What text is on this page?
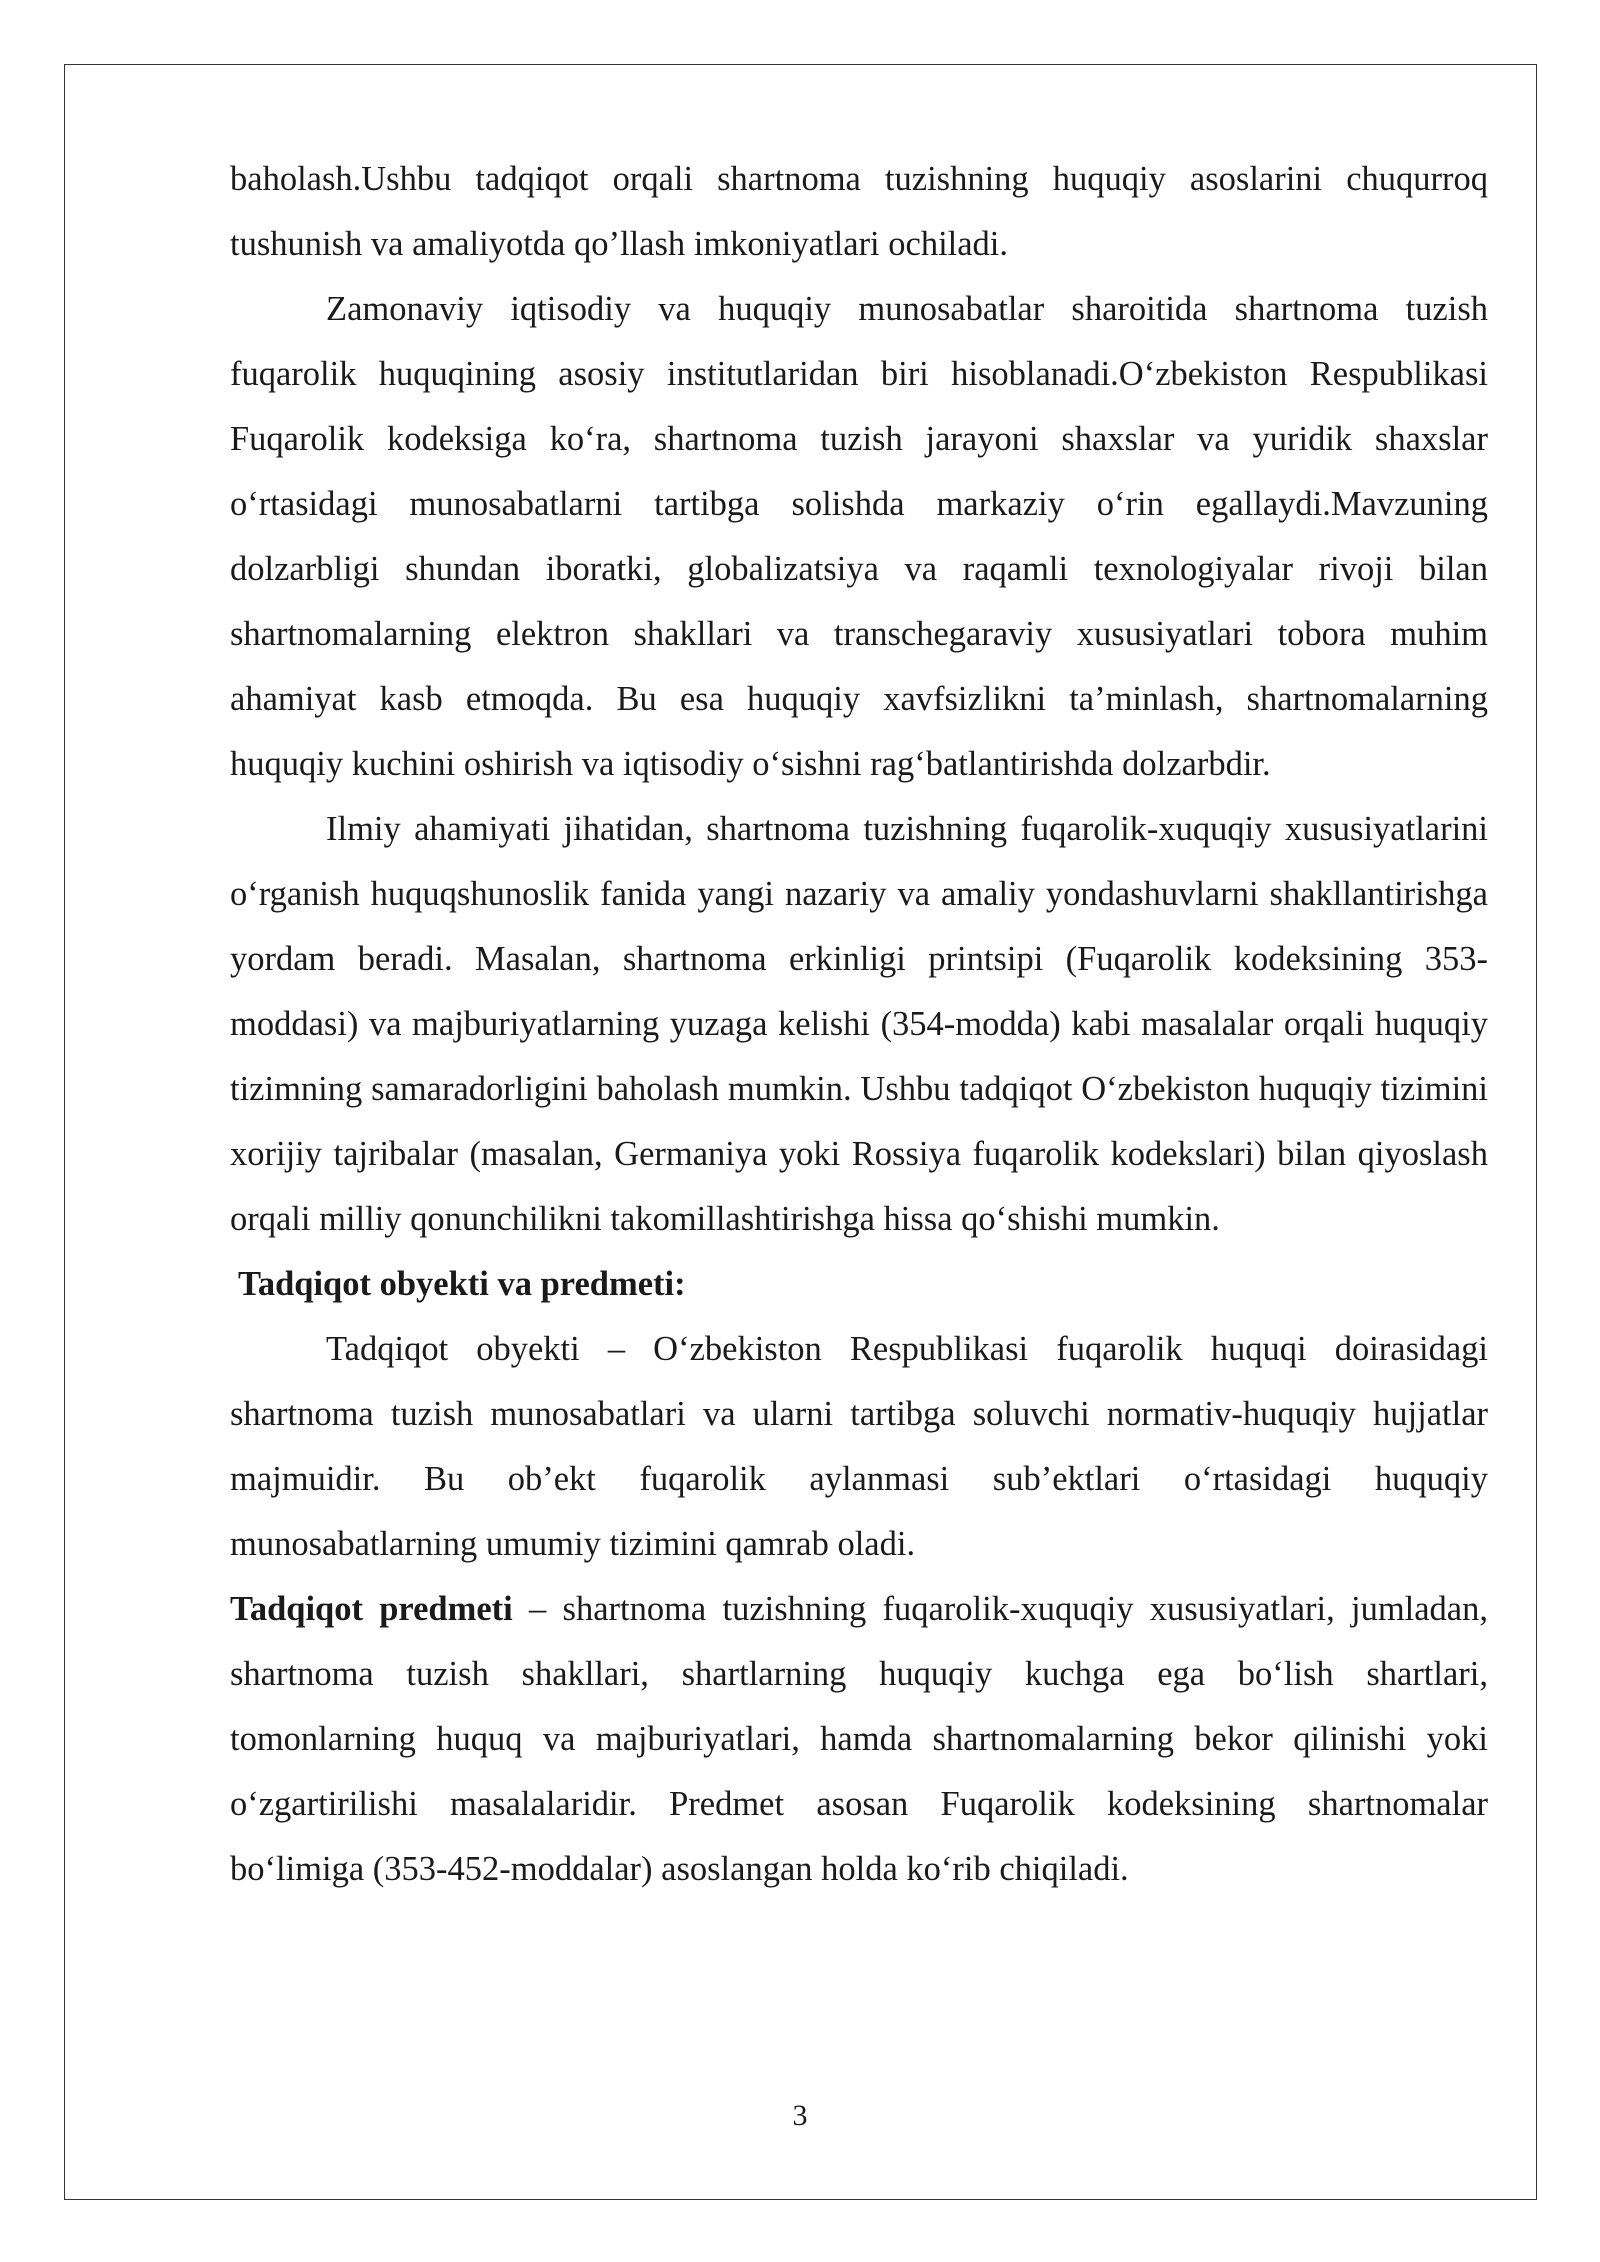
baholash.Ushbu tadqiqot orqali shartnoma tuzishning huquqiy asoslarini chuqurroq tushunish va amaliyotda qo’llash imkoniyatlari ochiladi.

Zamonaviy iqtisodiy va huquqiy munosabatlar sharoitida shartnoma tuzish fuqarolik huquqining asosiy institutlaridan biri hisoblanadi.O‘zbekiston Respublikasi Fuqarolik kodeksiga ko‘ra, shartnoma tuzish jarayoni shaxslar va yuridik shaxslar o‘rtasidagi munosabatlarni tartibga solishda markaziy o‘rin egallaydi.Mavzuning dolzarbligi shundan iboratki, globalizatsiya va raqamli texnologiyalar rivoji bilan shartnomalarning elektron shakllari va transchegaraviy xususiyatlari tobora muhim ahamiyat kasb etmoqda. Bu esa huquqiy xavfsizlikni ta’minlash, shartnomalarning huquqiy kuchini oshirish va iqtisodiy o‘sishni rag‘batlantirishda dolzarbdir.

Ilmiy ahamiyati jihatidan, shartnoma tuzishning fuqarolik-xuquqiy xususiyatlarini o‘rganish huquqshunoslik fanida yangi nazariy va amaliy yondashuvlarni shakllantirishga yordam beradi. Masalan, shartnoma erkinligi printsipi (Fuqarolik kodeksining 353-moddasi) va majburiyatlarning yuzaga kelishi (354-modda) kabi masalalar orqali huquqiy tizimning samaradorligini baholash mumkin. Ushbu tadqiqot O‘zbekiston huquqiy tizimini xorijiy tajribalar (masalan, Germaniya yoki Rossiya fuqarolik kodekslari) bilan qiyoslash orqali milliy qonunchilikni takomillashtirishga hissa qo‘shishi mumkin.

Tadqiqot obyekti va predmeti:

Tadqiqot obyekti – O‘zbekiston Respublikasi fuqarolik huquqi doirasidagi shartnoma tuzish munosabatlari va ularni tartibga soluvchi normativ-huquqiy hujjatlar majmuidir. Bu ob’ekt fuqarolik aylanmasi sub’ektlari o‘rtasidagi huquqiy munosabatlarning umumiy tizimini qamrab oladi.

Tadqiqot predmeti – shartnoma tuzishning fuqarolik-xuquqiy xususiyatlari, jumladan, shartnoma tuzish shakllari, shartlarning huquqiy kuchga ega bo‘lish shartlari, tomonlarning huquq va majburiyatlari, hamda shartnomalarning bekor qilinishi yoki o‘zgartirilishi masalalaridir. Predmet asosan Fuqarolik kodeksining shartnomalar bo‘limiga (353-452-moddalar) asoslangan holda ko‘rib chiqiladi.

3
